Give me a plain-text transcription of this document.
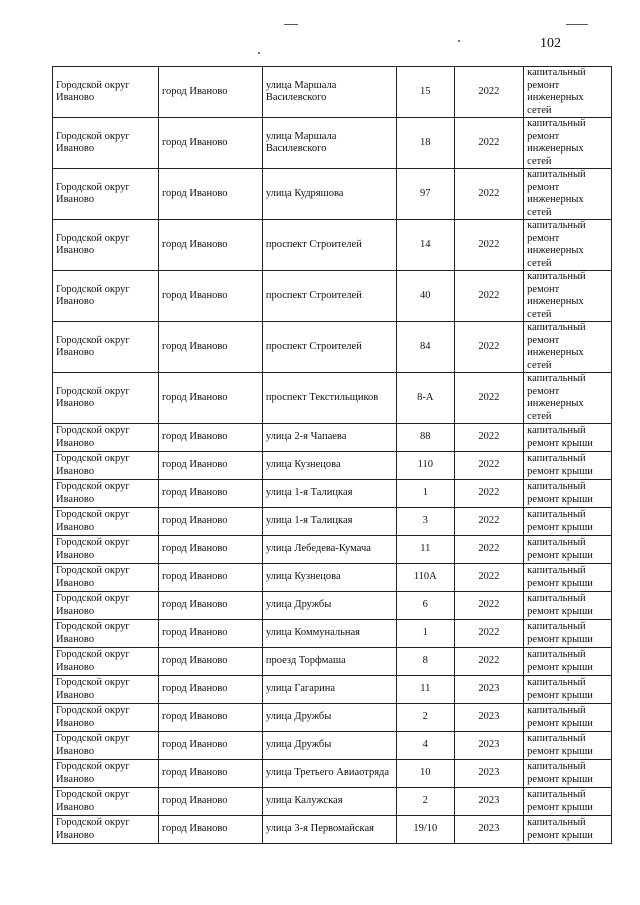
102
Городской округ Иваново	город Иваново	улица Маршала Василевского	15	2022	капитальный ремонт инженерных сетей
Городской округ Иваново	город Иваново	улица Маршала Василевского	18	2022	капитальный ремонт инженерных сетей
Городской округ Иваново	город Иваново	улица Кудряшова	97	2022	капитальный ремонт инженерных сетей
Городской округ Иваново	город Иваново	проспект Строителей	14	2022	капитальный ремонт инженерных сетей
Городской округ Иваново	город Иваново	проспект Строителей	40	2022	капитальный ремонт инженерных сетей
Городской округ Иваново	город Иваново	проспект Строителей	84	2022	капитальный ремонт инженерных сетей
Городской округ Иваново	город Иваново	проспект Текстильщиков	8-А	2022	капитальный ремонт инженерных сетей
Городской округ Иваново	город Иваново	улица 2-я Чапаева	88	2022	капитальный ремонт крыши
Городской округ Иваново	город Иваново	улица Кузнецова	110	2022	капитальный ремонт крыши
Городской округ Иваново	город Иваново	улица 1-я Талицкая	1	2022	капитальный ремонт крыши
Городской округ Иваново	город Иваново	улица 1-я Талицкая	3	2022	капитальный ремонт крыши
Городской округ Иваново	город Иваново	улица Лебедева-Кумача	11	2022	капитальный ремонт крыши
Городской округ Иваново	город Иваново	улица Кузнецова	110А	2022	капитальный ремонт крыши
Городской округ Иваново	город Иваново	улица Дружбы	6	2022	капитальный ремонт крыши
Городской округ Иваново	город Иваново	улица Коммунальная	1	2022	капитальный ремонт крыши
Городской округ Иваново	город Иваново	проезд Торфмаша	8	2022	капитальный ремонт крыши
Городской округ Иваново	город Иваново	улица Гагарина	11	2023	капитальный ремонт крыши
Городской округ Иваново	город Иваново	улица Дружбы	2	2023	капитальный ремонт крыши
Городской округ Иваново	город Иваново	улица Дружбы	4	2023	капитальный ремонт крыши
Городской округ Иваново	город Иваново	улица Третьего Авиаотряда	10	2023	капитальный ремонт крыши
Городской округ Иваново	город Иваново	улица Калужская	2	2023	капитальный ремонт крыши
Городской округ Иваново	город Иваново	улица 3-я Первомайская	19/10	2023	капитальный ремонт крыши
